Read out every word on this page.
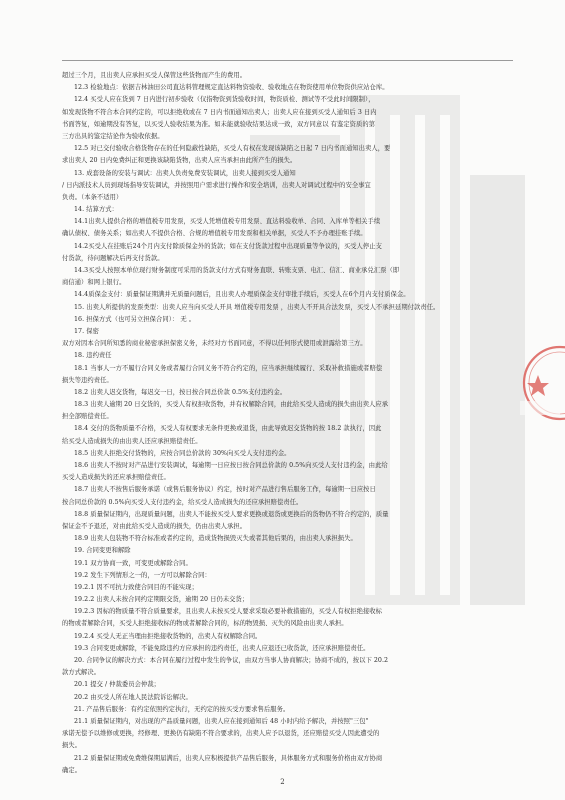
超过三个月，且出卖人应承担买受人保管这些货物而产生的费用。

12.3 检验地点：依据吉林油田公司直达料管理规定直达料物资验收、验收地点在物资使用单位物资供应站仓库。

12.4 买受人应在货到 7 日内进行初步验收（仅指物资到货验收时间，物资质检、测试等不受此时间限制），

如发现货物不符合本合同约定的，可以拒绝收或在 7 日内书面通知出卖人；出卖人应在接到买受人通知后 3 日内

书面答复，如逾期没有答复，以买受人验收结果为准。如未能就验收结果达成一致，双方同意以 有鉴定资质的第

三方出具的鉴定结论作为验收依据。

12.5 对已交付验收合格货物存在的任何隐蔽性缺陷，买受人有权在发现该缺陷之日起 7 日内书面通知出卖人，要

求出卖人 20 日内免费纠正和更换该缺陷货物，出卖人应当承担由此所产生的损失。

13. 成套设备的安装与调试：出卖人负责免费安装调试，出卖人接到买受人通知

/ 日内派技术人员到现场指导安装调试，并按照用户需求进行操作和安全培训，出卖人对调试过程中的安全事宜

负责。（本条不适用）

14. 结算方式：

14.1出卖人提供合格的增值税专用发票，买受人凭增值税专用发票、直达料验收单、合同、入库单等相关手续

确认债权、债务关系；如出卖人不提供合格、合规的增值税专用发票和相关单据，买受人不予办理挂账手续。

14.2买受人在挂账后24个月内支付除质保金外的货款；如在支付货款过程中出现质量等争议的，买受人停止支

付货款，待问题解决后再支付货款。

14.3买受人按照本单位现行财务制度可采用的货款支付方式有财务直联、转账支票、电汇、信汇、商业承兑汇票（即

商信通）和网上银行。

14.4质保金支付：质量保证期满并无质量问题后，且出卖人办理质保金支付审批手续后，买受人在6个月内支付质保金。

15. 出卖人所提供的发票类型：出卖人应当向买受人开具 增值税专用发票 ，出卖人不开具合法发票，买受人不承担延期付款责任。

16. 担保方式（也可另立担保合同）： 无 。

17. 保密

双方对因本合同所知悉的商业秘密承担保密义务，未经对方书面同意，不得以任何形式使用或泄露给第三方。

18. 违约责任

18.1 当事人一方不履行合同义务或者履行合同义务不符合约定的，应当承担继续履行、采取补救措施或者赔偿

损失等违约责任。

18.2 出卖人迟交货物，每迟交一日，按日按合同总价款 0.5%支付违约金。

18.3 出卖人逾期 20 日交货的，买受人有权拒收货物，并有权解除合同，由此给买受人造成的损失由出卖人应承

担全部赔偿责任。

18.4 交付的货物质量不合格，买受人有权要求无条件更换或退货，由此导致迟交货物的按 18.2 款执行，因此

给买受人造成损失的由出卖人还应承担赔偿责任。

18.5 出卖人拒绝交付货物的，应按合同总价款的 30%向买受人支付违约金。

18.6 出卖人不按时对产品进行安装调试，每逾期一日应按日按合同总价款的 0.5%向买受人支付违约金，由此给

买受人造成损失的还应承担赔偿责任。

18.7 出卖人不按售后服务承诺（或售后服务协议）约定，按时对产品进行售后服务工作，每逾期一日应按日

按合同总价款的 0.5%向买受人支付违约金，给买受人造成损失的还应承担赔偿责任。

18.8 质量保证期内，出现质量问题，出卖人不能按买受人要求更换或退货或更换后的货物仍不符合约定的，质量

保证金不予退还，对由此给买受人造成的损失，仍由出卖人承担。

18.9 出卖人包装物不符合标准或者约定的，造成货物损毁灭失或者其他后果的，由出卖人承担损失。

19. 合同变更和解除

19.1 双方协商一致，可变更或解除合同。

19.2 发生下列情形之一的，一方可以解除合同：

19.2.1 因不可抗力致使合同目的不能实现；

19.2.2 出卖人未按合同约定期限交货，逾期 20 日仍未交货；

19.2.3 因标的物质量不符合质量要求，且出卖人未按买受人要求采取必要补救措施的，买受人有权拒绝接收标

的物或者解除合同，买受人拒绝接收标的物或者解除合同的，标的物毁损、灭失的风险由出卖人承担。

19.2.4 买受人无正当理由拒绝接收货物的，出卖人有权解除合同。

19.3 合同变更或解除，不能免除违约方应承担的违约责任，出卖人应退还已收货款，还应承担赔偿责任。

20. 合同争议的解决方式：本合同在履行过程中发生的争议，由双方当事人协商解决；协商不成的，按以下 20.2

款方式解决。

20.1 提交 / 仲裁委员会仲裁；

20.2 由买受人所在地人民法院诉讼解决。

21. 产品售后服务：有约定依照约定执行，无约定的按买受方要求售后服务。

21.1 质量保证期内，对出现的产品质量问题，出卖人应在接到通知后 48 小时内给予解决，并按照"三包"

承诺无偿予以维修或更换，经修理、更换仍有缺陷不符合要求的，出卖人应予以退货，还应赔偿买受人因此遭受的

损失。

21.2 质量保证期或免费维保期届满后，出卖人应积极提供产品售后服务，具体服务方式和服务价格由双方协商

确定。

2
